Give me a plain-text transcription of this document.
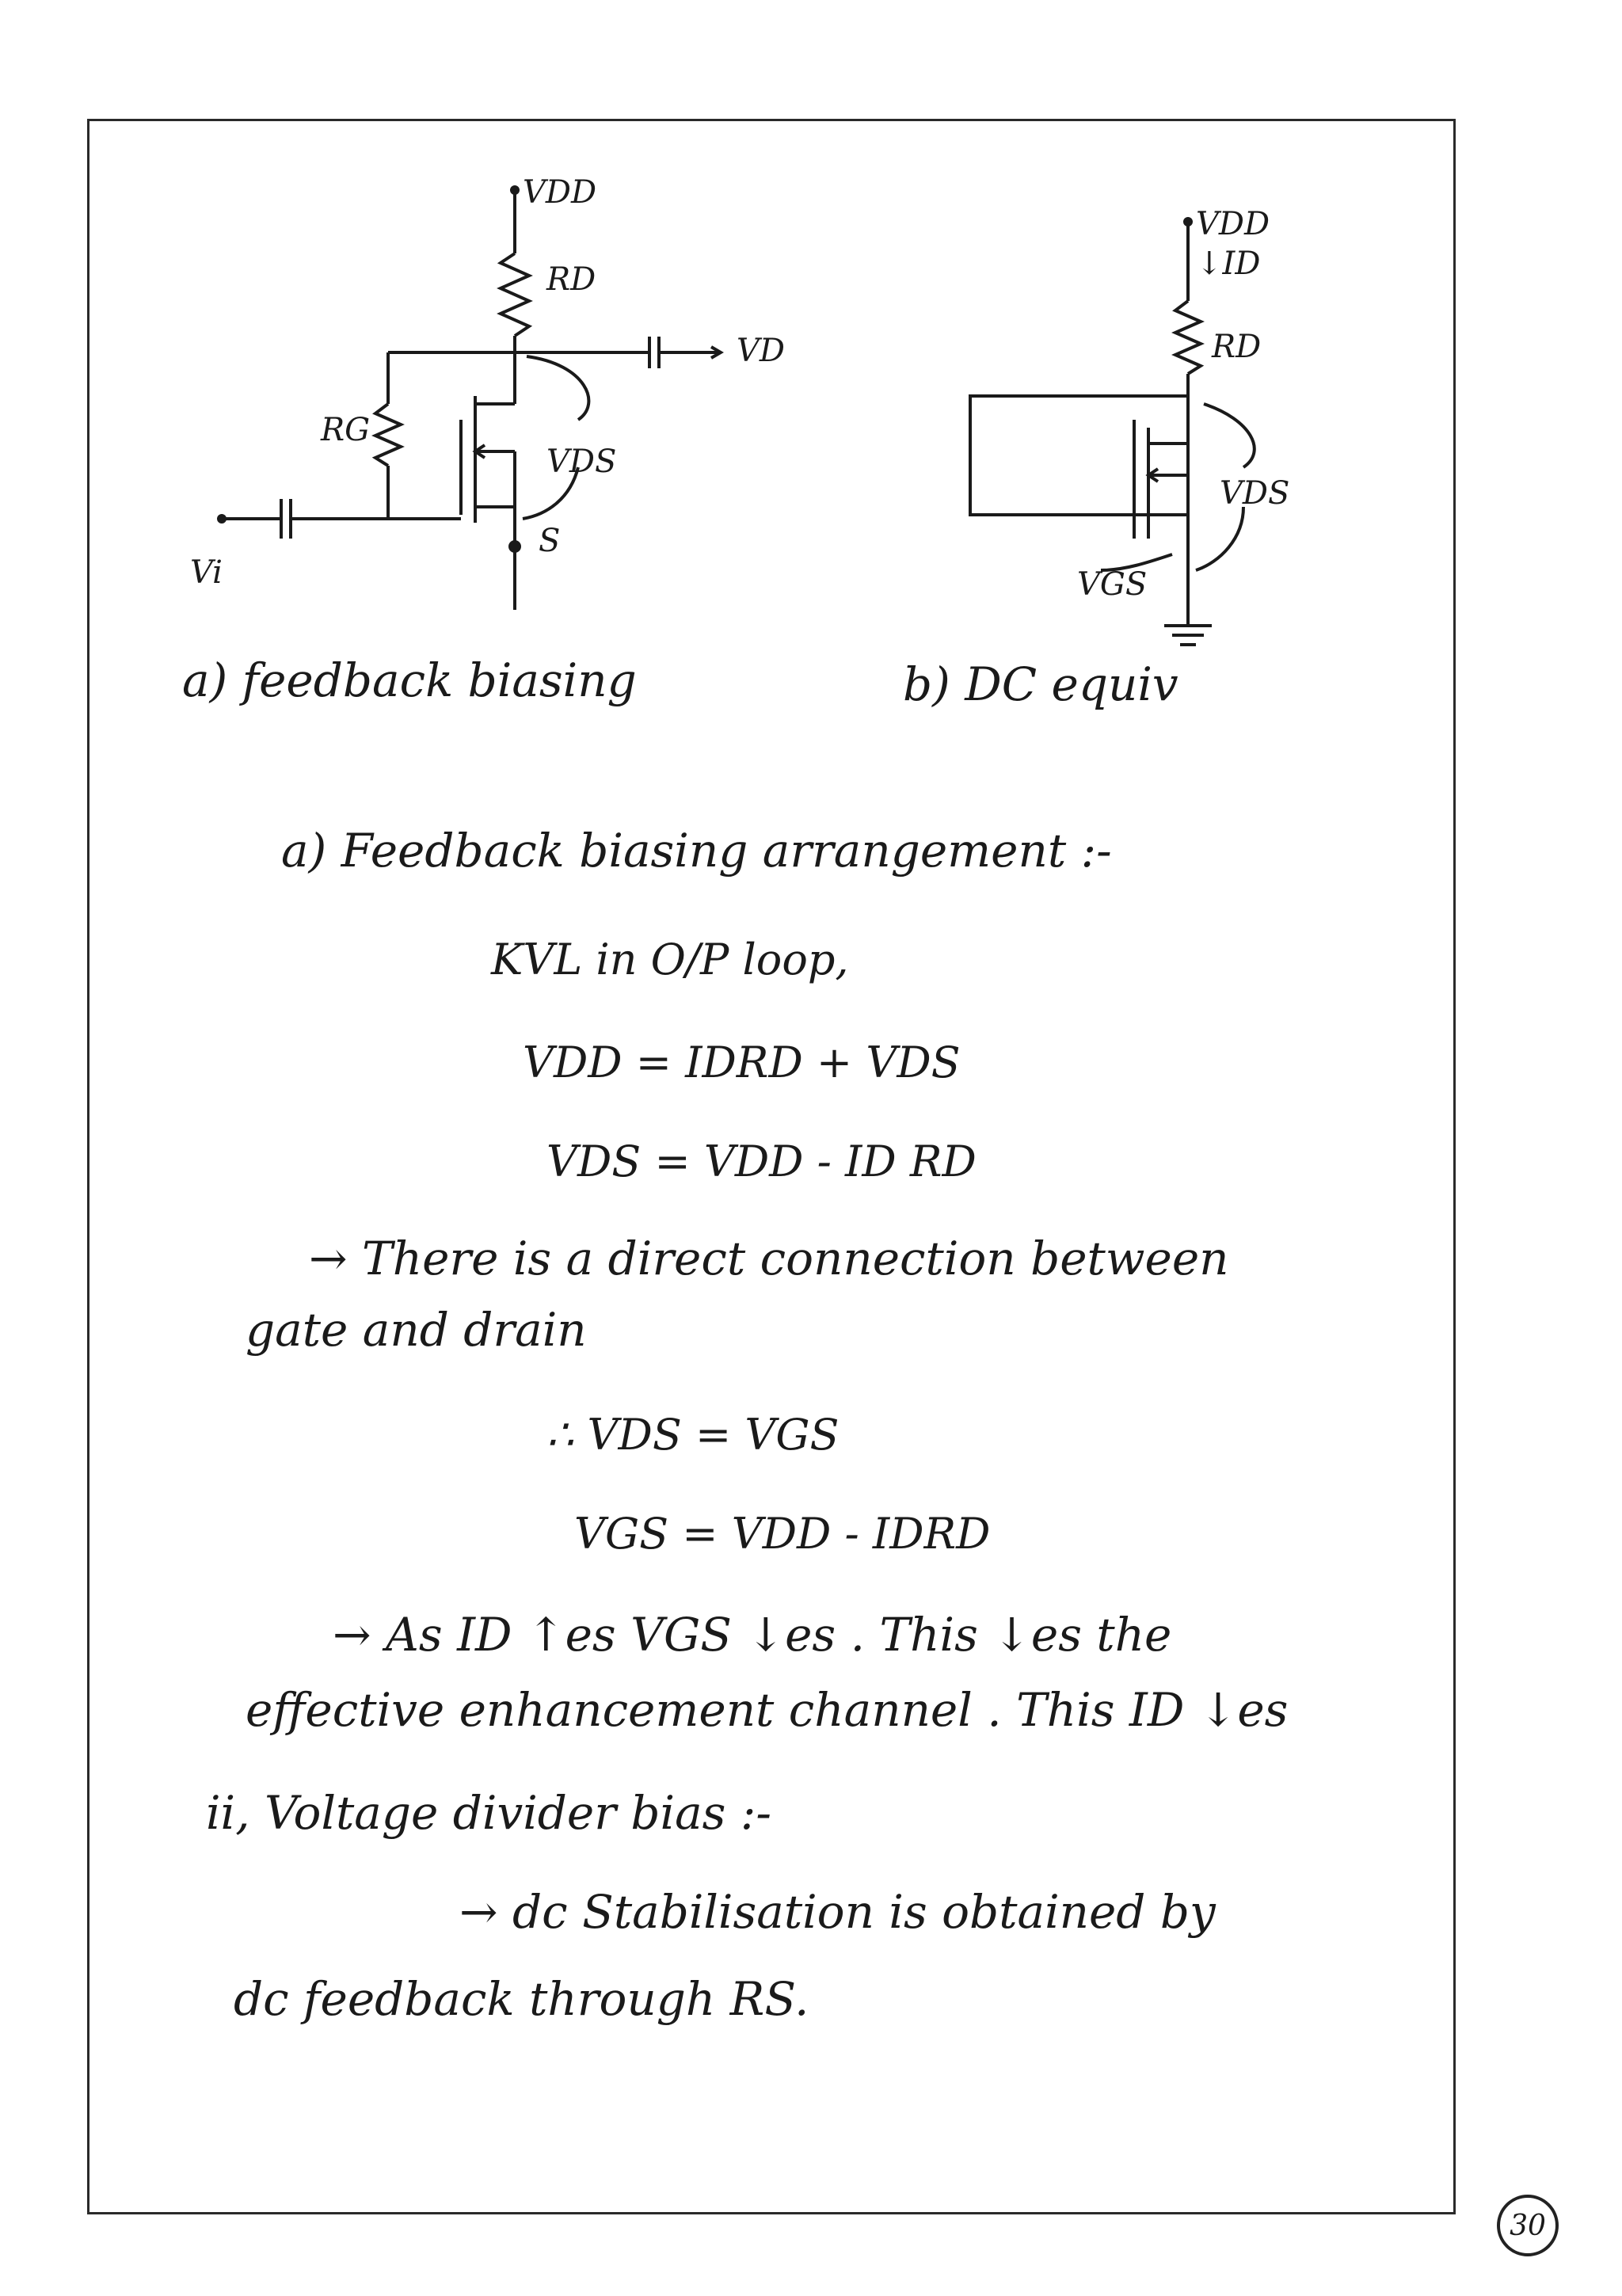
VDD
RD
VD
RG
VDS
S
Vi
a) feedback biasing
VDD
↓ID
RD
VDS
VGS
b) DC equiv
a) Feedback biasing arrangement :-
KVL in O/P loop,
VDD = IDRD + VDS
VDS = VDD - ID RD
→ There is a direct connection between
gate and drain
∴ VDS = VGS
VGS = VDD - IDRD
→ As ID ↑es VGS ↓es . This ↓es the
effective enhancement channel . This ID ↓es
ii, Voltage divider bias :-
→ dc Stabilisation is obtained by
dc feedback through RS.
30
